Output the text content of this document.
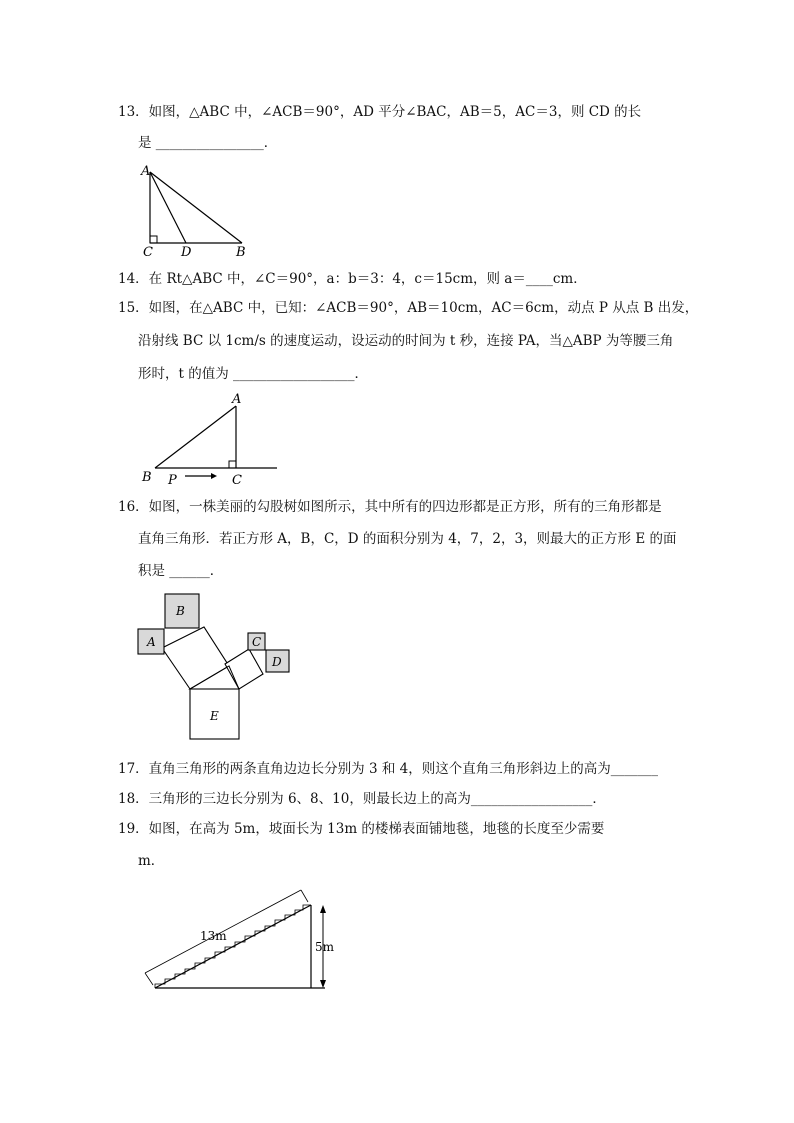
13．如图，△ABC 中，∠ACB＝90°，AD 平分∠BAC，AB＝5，AC＝3，则 CD 的长
是 ________________．
A
C D	B
14．在 Rt△ABC 中，∠C＝90°，a：b＝3：4，c＝15cm，则 a＝____cm．
15．如图，在△ABC 中，已知：∠ACB＝90°，AB＝10cm，AC＝6cm，动点 P 从点 B 出发，
沿射线 BC 以 1cm/s 的速度运动，设运动的时间为 t 秒，连接 PA，当△ABP 为等腰三角
形时，t 的值为 __________________．
A
B P	C
16．如图，一株美丽的勾股树如图所示，其中所有的四边形都是正方形，所有的三角形都是
直角三角形．若正方形 A，B，C，D 的面积分别为 4，7，2，3，则最大的正方形 E 的面
积是 ______．
A
B
C
D
E
17．直角三角形的两条直角边边长分别为 3 和 4，则这个直角三角形斜边上的高为_______
18．三角形的三边长分别为 6、8、10，则最长边上的高为__________________．
19．如图，在高为 5m，坡面长为 13m 的楼梯表面铺地毯，地毯的长度至少需要
m．
13m
5m
